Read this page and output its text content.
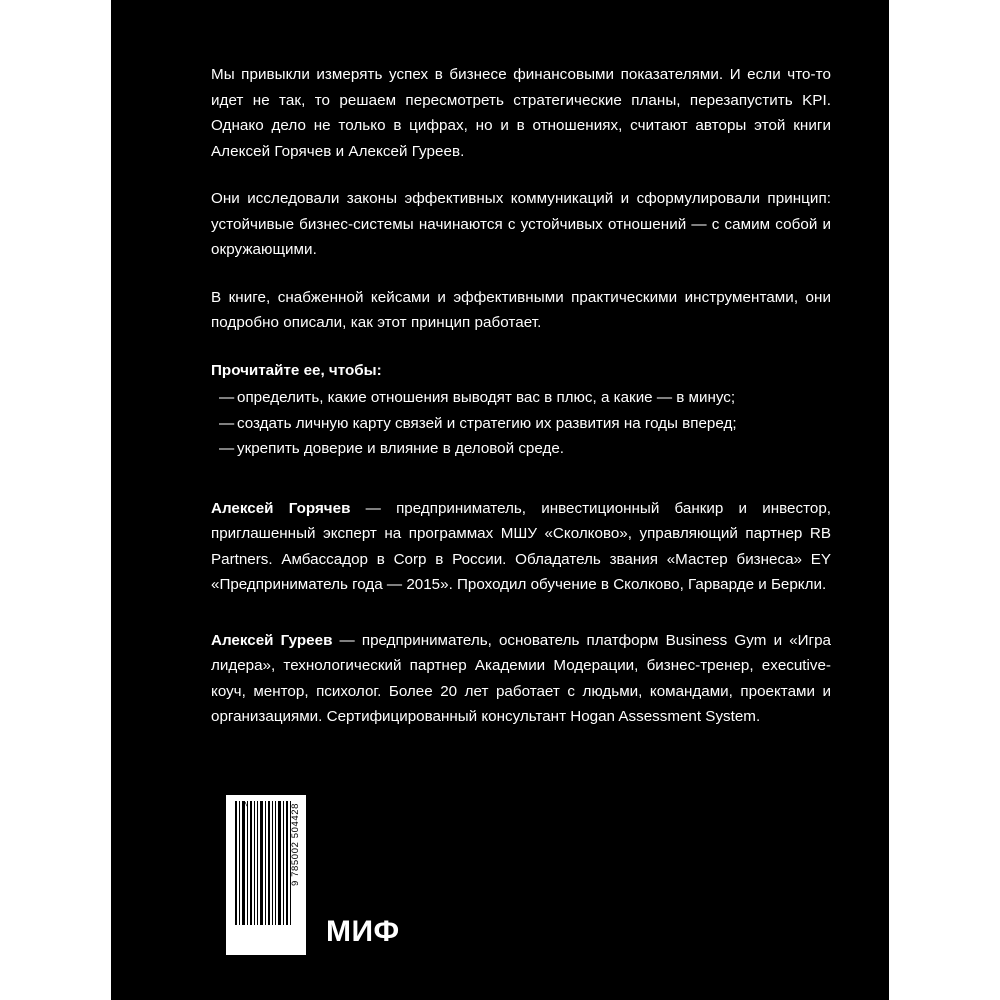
Мы привыкли измерять успех в бизнесе финансовыми показателями. И если что-то идет не так, то решаем пересмотреть стратегические планы, перезапустить KPI. Однако дело не только в цифрах, но и в отношениях, считают авторы этой книги Алексей Горячев и Алексей Гуреев.

Они исследовали законы эффективных коммуникаций и сформулировали принцип: устойчивые бизнес-системы начинаются с устойчивых отношений — с самим собой и окружающими.

В книге, снабженной кейсами и эффективными практическими инструментами, они подробно описали, как этот принцип работает.

Прочитайте ее, чтобы:
— определить, какие отношения выводят вас в плюс, а какие — в минус;
— создать личную карту связей и стратегию их развития на годы вперед;
— укрепить доверие и влияние в деловой среде.

Алексей Горячев — предприниматель, инвестиционный банкир и инвестор, приглашенный эксперт на программах МШУ «Сколково», управляющий партнер RB Partners. Амбассадор в Corp в России. Обладатель звания «Мастер бизнеса» EY «Предприниматель года — 2015». Проходил обучение в Сколково, Гарварде и Беркли.

Алексей Гуреев — предприниматель, основатель платформ Business Gym и «Игра лидера», технологический партнер Академии Модерации, бизнес-тренер, executive-коуч, ментор, психолог. Более 20 лет работает с людьми, командами, проектами и организациями. Сертифицированный консультант Hogan Assessment System.

9 785002 504428
>
МИФ
